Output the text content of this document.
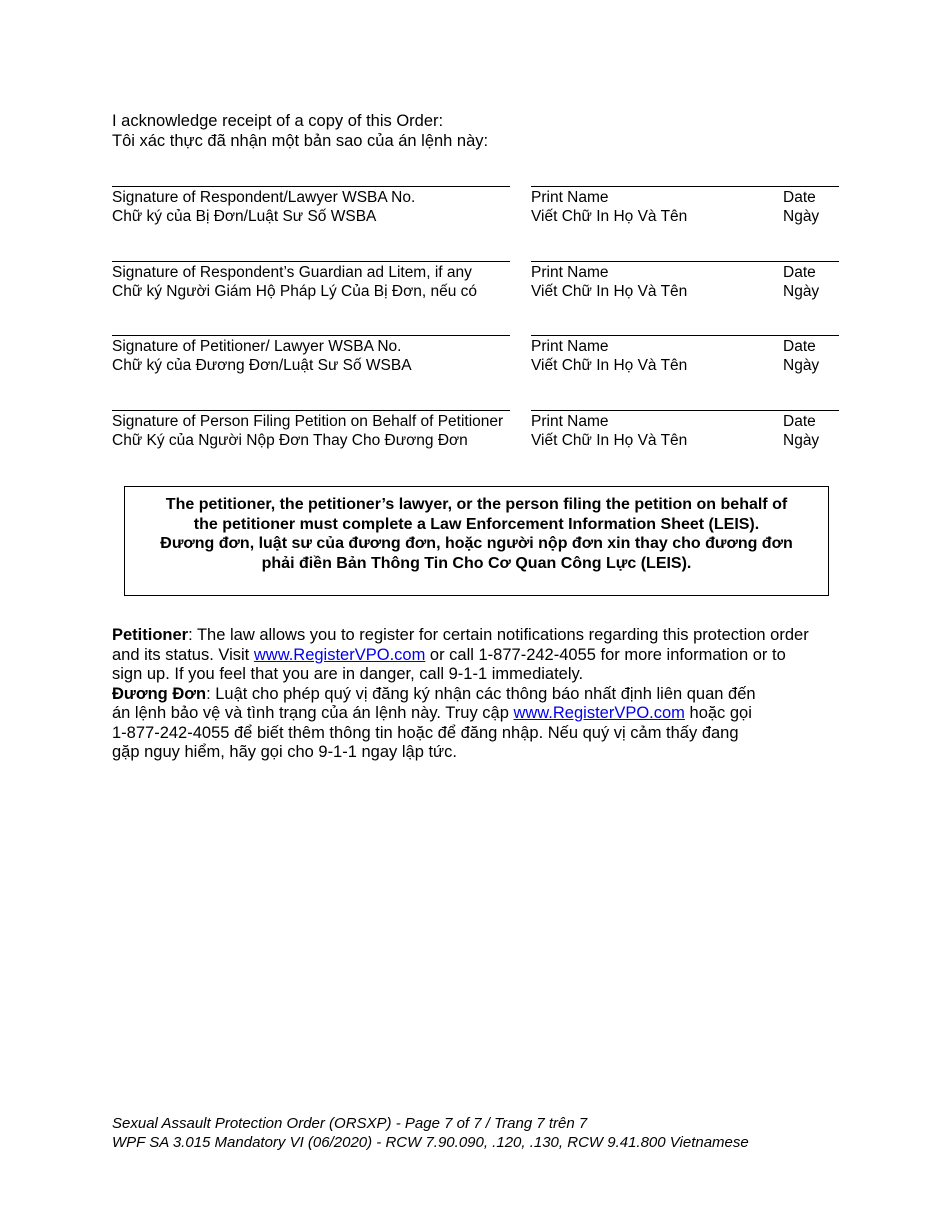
I acknowledge receipt of a copy of this Order:
Tôi xác thực đã nhận một bản sao của án lệnh này:
Signature of Respondent/Lawyer WSBA No.
Chữ ký của Bị Đơn/Luật Sư Số WSBA
Print Name
Viết Chữ In Họ Và Tên
Date
Ngày
Signature of Respondent’s Guardian ad Litem, if any
Chữ ký Người Giám Hộ Pháp Lý Của Bị Đơn, nếu có
Print Name
Viết Chữ In Họ Và Tên
Date
Ngày
Signature of Petitioner/ Lawyer WSBA No.
Chữ ký của Đương Đơn/Luật Sư Số WSBA
Print Name
Viết Chữ In Họ Và Tên
Date
Ngày
Signature of Person Filing Petition on Behalf of Petitioner
Chữ Ký của Người Nộp Đơn Thay Cho Đương Đơn
Print Name
Viết Chữ In Họ Và Tên
Date
Ngày
The petitioner, the petitioner’s lawyer, or the person filing the petition on behalf of
the petitioner must complete a Law Enforcement Information Sheet (LEIS).
Đương đơn, luật sư của đương đơn, hoặc người nộp đơn xin thay cho đương đơn
phải điền Bản Thông Tin Cho Cơ Quan Công Lực (LEIS).
Petitioner: The law allows you to register for certain notifications regarding this protection order
and its status. Visit www.RegisterVPO.com or call 1-877-242-4055 for more information or to
sign up. If you feel that you are in danger, call 9-1-1 immediately.
Đương Đơn: Luật cho phép quý vị đăng ký nhận các thông báo nhất định liên quan đến
án lệnh bảo vệ và tình trạng của án lệnh này. Truy cập www.RegisterVPO.com hoặc gọi
1-877-242-4055 để biết thêm thông tin hoặc để đăng nhập. Nếu quý vị cảm thấy đang
gặp nguy hiểm, hãy gọi cho 9-1-1 ngay lập tức.
Sexual Assault Protection Order (ORSXP) - Page 7 of 7 / Trang 7 trên 7
WPF SA 3.015 Mandatory VI (06/2020) - RCW 7.90.090, .120, .130, RCW 9.41.800 Vietnamese
